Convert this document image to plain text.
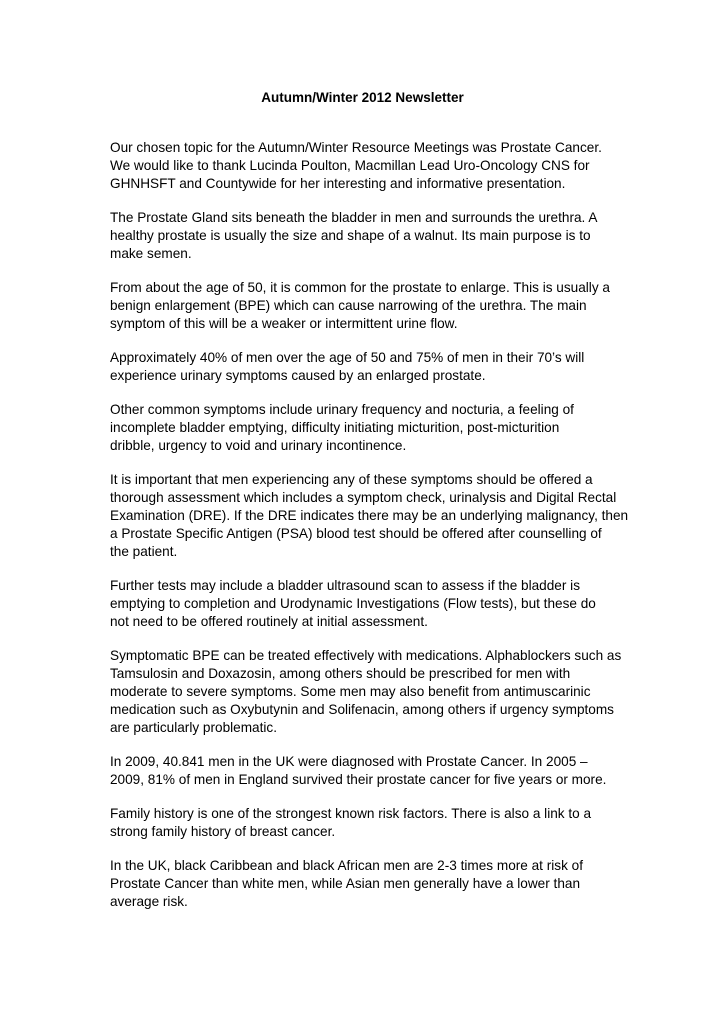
Autumn/Winter 2012 Newsletter

Our chosen topic for the Autumn/Winter Resource Meetings was Prostate Cancer.
We would like to thank Lucinda Poulton, Macmillan Lead Uro-Oncology CNS for
GHNHSFT and Countywide for her interesting and informative presentation.

The Prostate Gland sits beneath the bladder in men and surrounds the urethra. A
healthy prostate is usually the size and shape of a walnut. Its main purpose is to
make semen.

From about the age of 50, it is common for the prostate to enlarge. This is usually a
benign enlargement (BPE) which can cause narrowing of the urethra. The main
symptom of this will be a weaker or intermittent urine flow.

Approximately 40% of men over the age of 50 and 75% of men in their 70’s will
experience urinary symptoms caused by an enlarged prostate.

Other common symptoms include urinary frequency and nocturia, a feeling of
incomplete bladder emptying, difficulty initiating micturition, post-micturition
dribble, urgency to void and urinary incontinence.

It is important that men experiencing any of these symptoms should be offered a
thorough assessment which includes a symptom check, urinalysis and Digital Rectal
Examination (DRE). If the DRE indicates there may be an underlying malignancy, then
a Prostate Specific Antigen (PSA) blood test should be offered after counselling of
the patient.

Further tests may include a bladder ultrasound scan to assess if the bladder is
emptying to completion and Urodynamic Investigations (Flow tests), but these do
not need to be offered routinely at initial assessment.

Symptomatic BPE can be treated effectively with medications. Alphablockers such as
Tamsulosin and Doxazosin, among others should be prescribed for men with
moderate to severe symptoms. Some men may also benefit from antimuscarinic
medication such as Oxybutynin and Solifenacin, among others if urgency symptoms
are particularly problematic.

In 2009, 40.841 men in the UK were diagnosed with Prostate Cancer. In 2005 –
2009, 81% of men in England survived their prostate cancer for five years or more.

Family history is one of the strongest known risk factors. There is also a link to a
strong family history of breast cancer.

In the UK, black Caribbean and black African men are 2-3 times more at risk of
Prostate Cancer than white men, while Asian men generally have a lower than
average risk.
